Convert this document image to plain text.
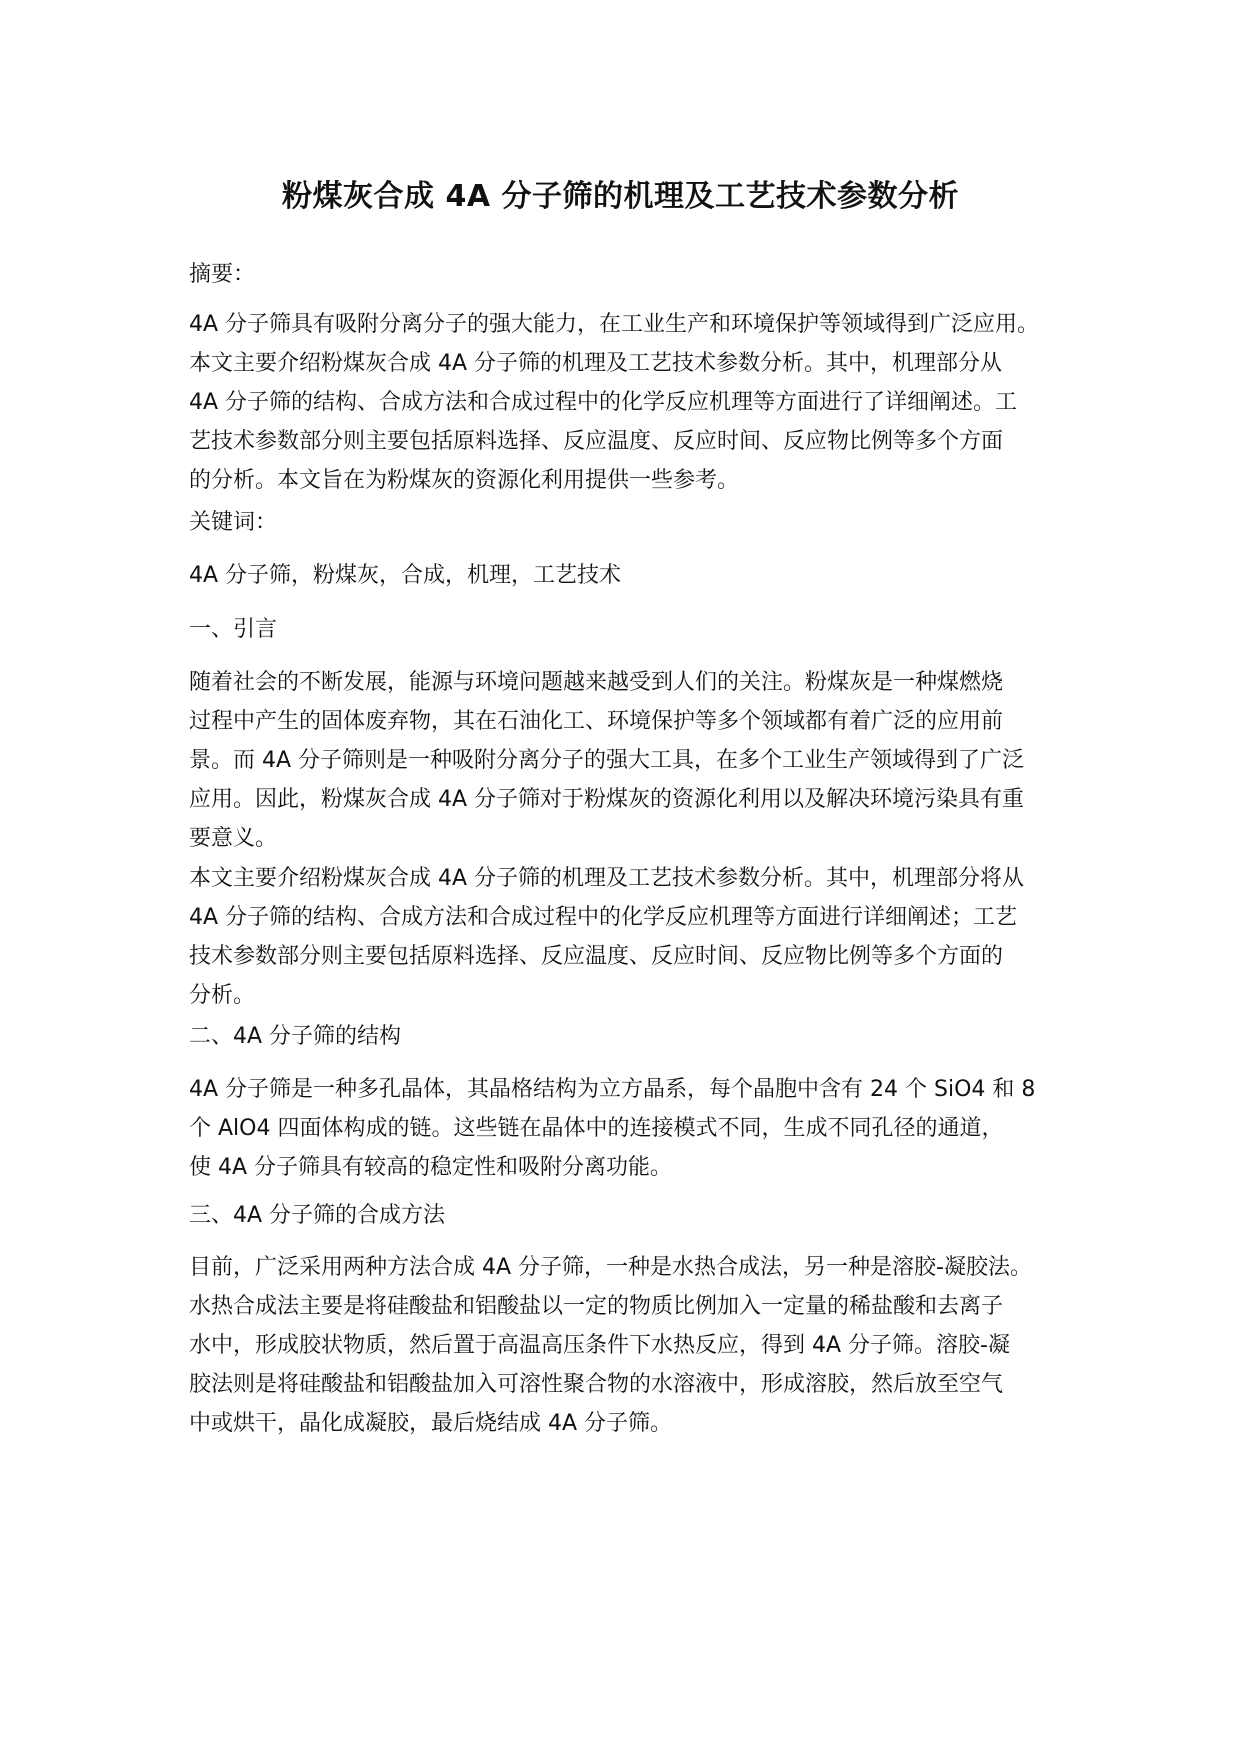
粉煤灰合成 4A 分子筛的机理及工艺技术参数分析

摘要：

4A 分子筛具有吸附分离分子的强大能力，在工业生产和环境保护等领域得到广泛应用。
本文主要介绍粉煤灰合成 4A 分子筛的机理及工艺技术参数分析。其中，机理部分从
4A 分子筛的结构、合成方法和合成过程中的化学反应机理等方面进行了详细阐述。工
艺技术参数部分则主要包括原料选择、反应温度、反应时间、反应物比例等多个方面
的分析。本文旨在为粉煤灰的资源化利用提供一些参考。

关键词：

4A 分子筛，粉煤灰，合成，机理，工艺技术

一、引言

随着社会的不断发展，能源与环境问题越来越受到人们的关注。粉煤灰是一种煤燃烧
过程中产生的固体废弃物，其在石油化工、环境保护等多个领域都有着广泛的应用前
景。而 4A 分子筛则是一种吸附分离分子的强大工具，在多个工业生产领域得到了广泛
应用。因此，粉煤灰合成 4A 分子筛对于粉煤灰的资源化利用以及解决环境污染具有重
要意义。
本文主要介绍粉煤灰合成 4A 分子筛的机理及工艺技术参数分析。其中，机理部分将从
4A 分子筛的结构、合成方法和合成过程中的化学反应机理等方面进行详细阐述；工艺
技术参数部分则主要包括原料选择、反应温度、反应时间、反应物比例等多个方面的
分析。

二、4A 分子筛的结构

4A 分子筛是一种多孔晶体，其晶格结构为立方晶系，每个晶胞中含有 24 个 SiO4 和 8
个 AlO4 四面体构成的链。这些链在晶体中的连接模式不同，生成不同孔径的通道，
使 4A 分子筛具有较高的稳定性和吸附分离功能。

三、4A 分子筛的合成方法

目前，广泛采用两种方法合成 4A 分子筛，一种是水热合成法，另一种是溶胶-凝胶法。
水热合成法主要是将硅酸盐和铝酸盐以一定的物质比例加入一定量的稀盐酸和去离子
水中，形成胶状物质，然后置于高温高压条件下水热反应，得到 4A 分子筛。溶胶-凝
胶法则是将硅酸盐和铝酸盐加入可溶性聚合物的水溶液中，形成溶胶，然后放至空气
中或烘干，晶化成凝胶，最后烧结成 4A 分子筛。
